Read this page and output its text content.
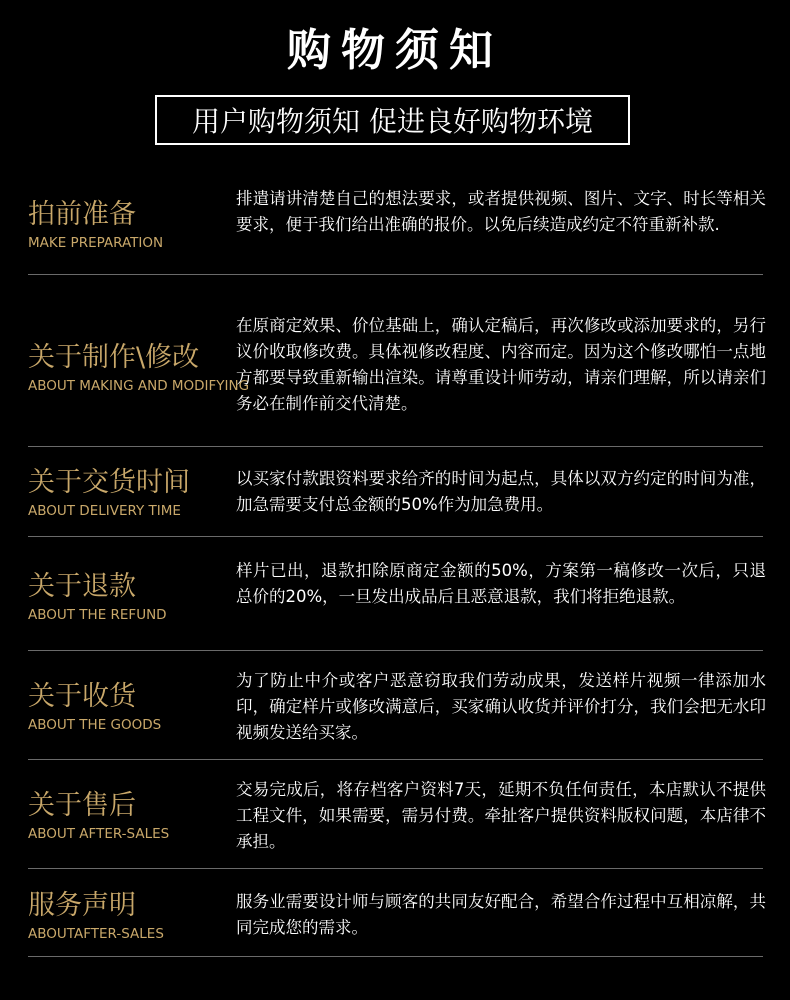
购物须知
用户购物须知 促进良好购物环境
拍前准备
MAKE PREPARATION
排遣请讲清楚自己的想法要求，或者提供视频、图片、文字、时长等相关要求，便于我们给出准确的报价。以免后续造成约定不符重新补款.
关于制作\修改
ABOUT MAKING AND MODIFYING
在原商定效果、价位基础上，确认定稿后，再次修改或添加要求的，另行议价收取修改费。具体视修改程度、内容而定。因为这个修改哪怕一点地方都要导致重新输出渲染。请尊重设计师劳动，请亲们理解，所以请亲们务必在制作前交代清楚。
关于交货时间
ABOUT DELIVERY TIME
以买家付款跟资料要求给齐的时间为起点，具体以双方约定的时间为准，加急需要支付总金额的50%作为加急费用。
关于退款
ABOUT THE REFUND
样片已出，退款扣除原商定金额的50%，方案第一稿修改一次后，只退总价的20%，一旦发出成品后且恶意退款，我们将拒绝退款。
关于收货
ABOUT THE GOODS
为了防止中介或客户恶意窃取我们劳动成果，发送样片视频一律添加水印，确定样片或修改满意后，买家确认收货并评价打分，我们会把无水印视频发送给买家。
关于售后
ABOUT AFTER-SALES
交易完成后，将存档客户资料7天，延期不负任何责任，本店默认不提供工程文件，如果需要，需另付费。牵扯客户提供资料版权问题，本店律不承担。
服务声明
ABOUTAFTER-SALES
服务业需要设计师与顾客的共同友好配合，希望合作过程中互相凉解，共同完成您的需求。
